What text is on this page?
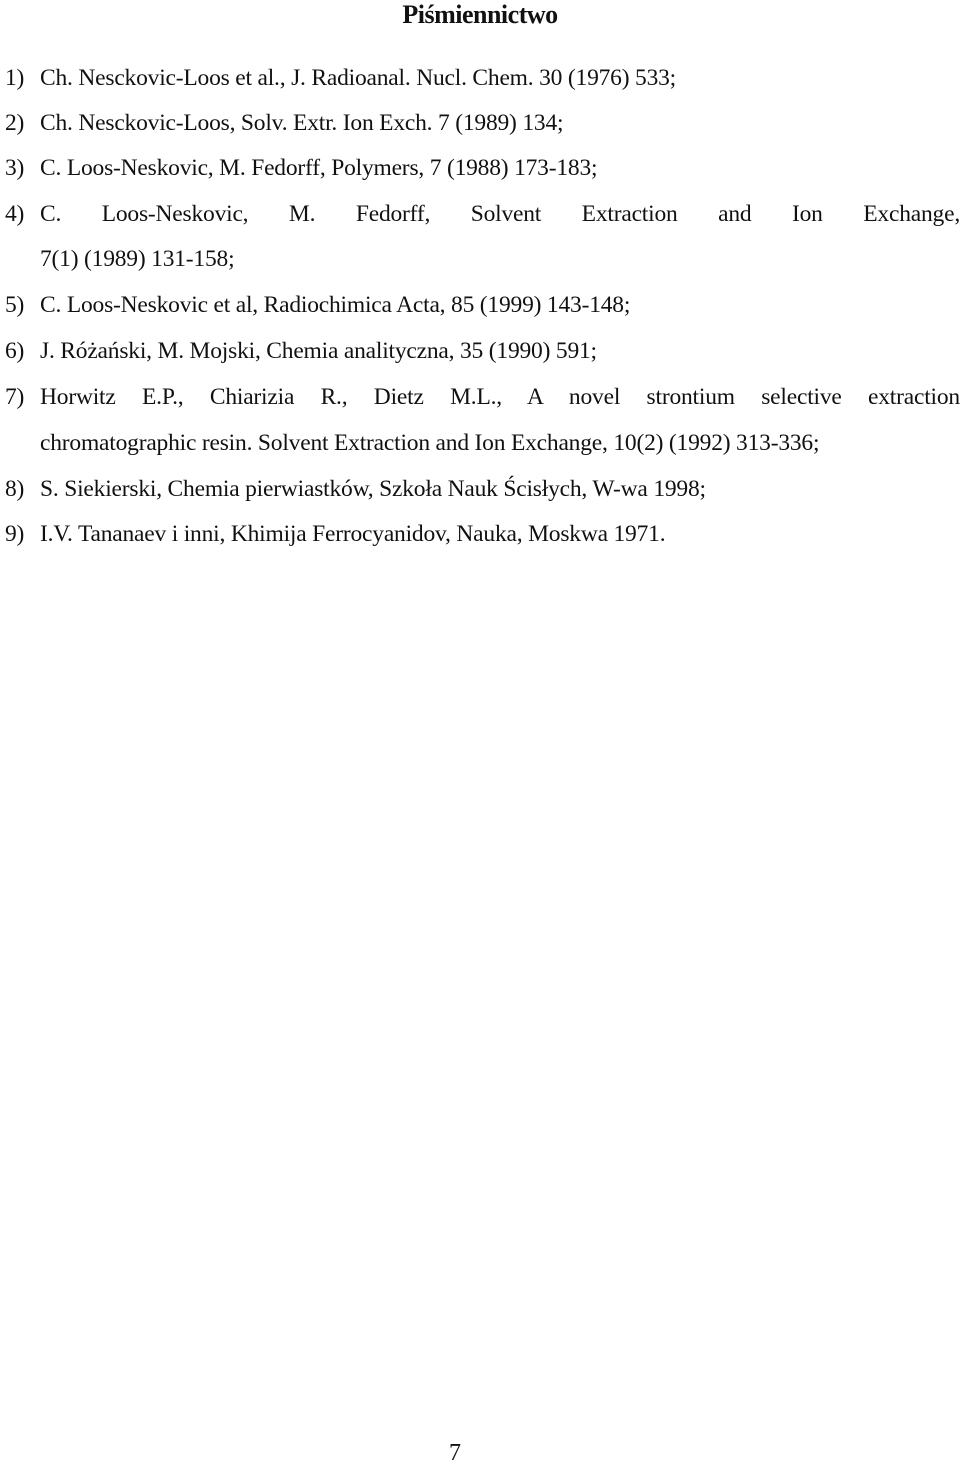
Piśmiennictwo
1) Ch. Nesckovic-Loos et al., J. Radioanal. Nucl. Chem. 30 (1976) 533;
2) Ch. Nesckovic-Loos, Solv. Extr. Ion Exch. 7 (1989) 134;
3) C. Loos-Neskovic, M. Fedorff, Polymers, 7 (1988) 173-183;
4) C. Loos-Neskovic, M. Fedorff, Solvent Extraction and Ion Exchange,
7(1) (1989) 131-158;
5) C. Loos-Neskovic et al, Radiochimica Acta, 85 (1999) 143-148;
6) J. Różański, M. Mojski, Chemia analityczna, 35 (1990) 591;
7) Horwitz E.P., Chiarizia R., Dietz M.L., A novel strontium selective extraction
chromatographic resin. Solvent Extraction and Ion Exchange, 10(2) (1992) 313-336;
8) S. Siekierski, Chemia pierwiastków, Szkoła Nauk Ścisłych, W-wa 1998;
9) I.V. Tananaev i inni, Khimija Ferrocyanidov, Nauka, Moskwa 1971.
7
